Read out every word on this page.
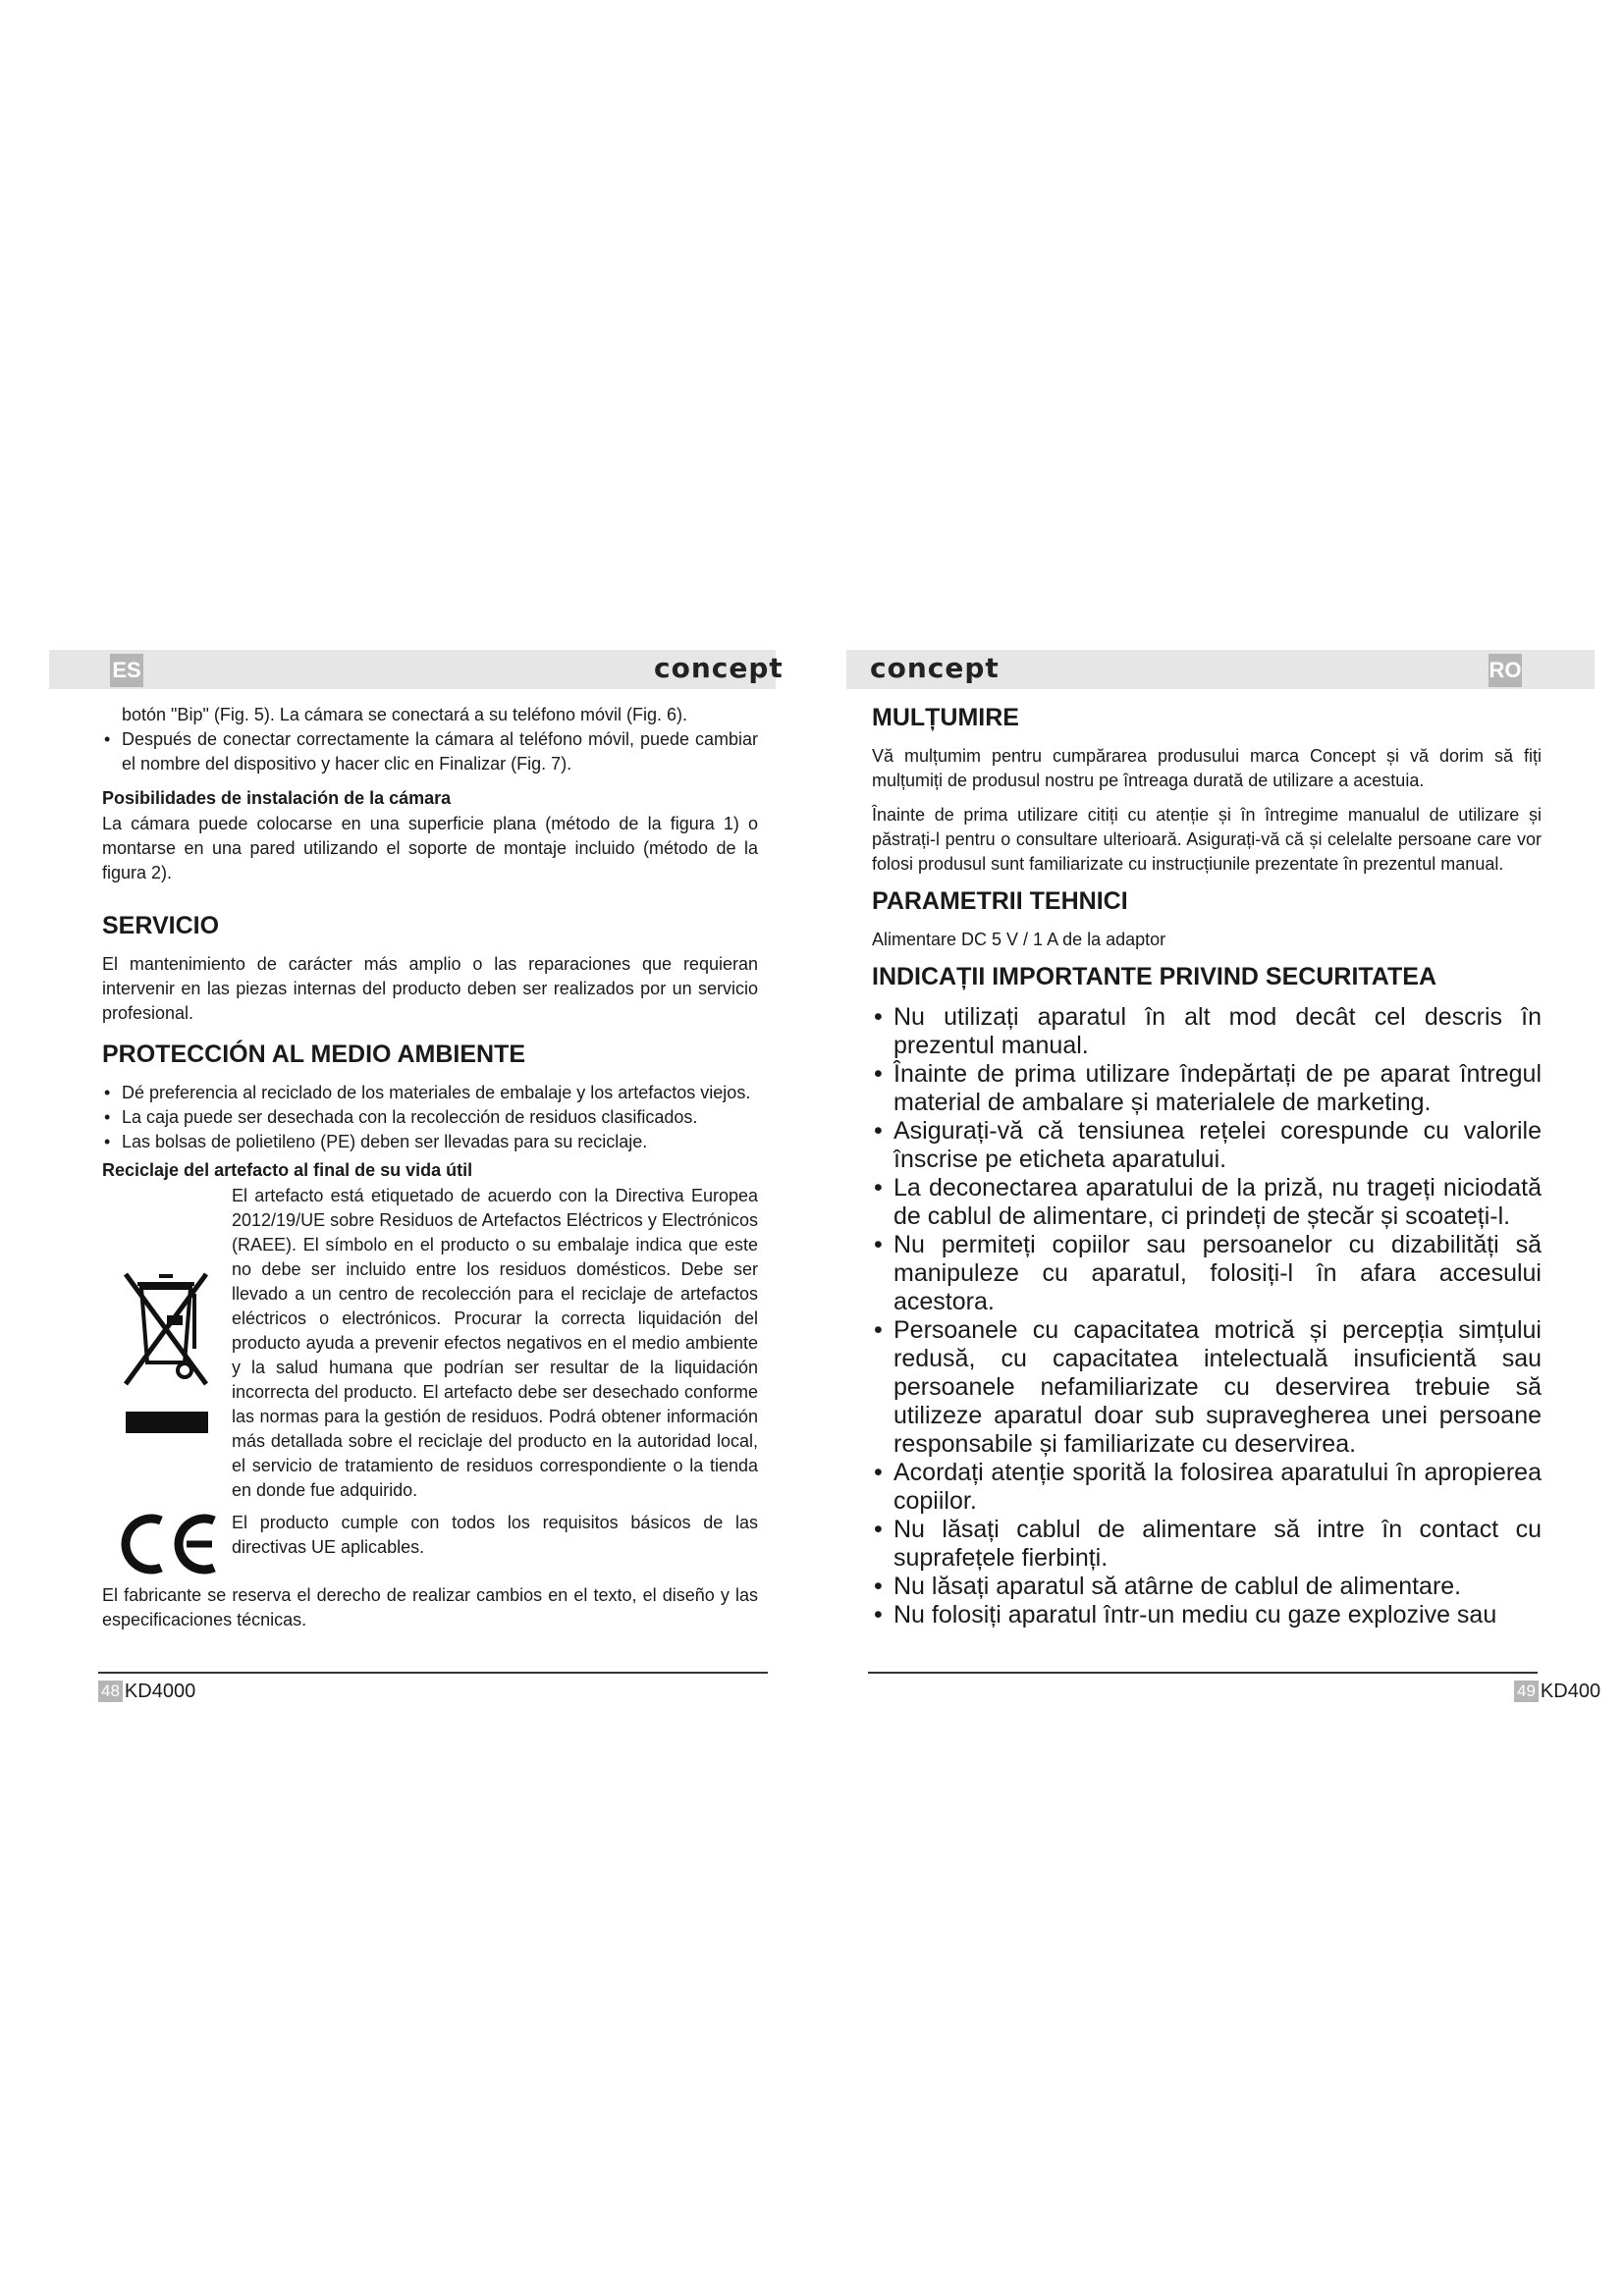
ES	RO
concept	concept

botón "Bip" (Fig. 5). La cámara se conectará a su teléfono móvil (Fig. 6).

• Después de conectar correctamente la cámara al teléfono móvil, puede cambiar el nombre del dispositivo y hacer clic en Finalizar (Fig. 7).
Posibilidades de instalación de la cámara

La cámara puede colocarse en una superficie plana (método de la figura 1) o montarse en una pared utilizando el soporte de montaje incluido (método de la figura 2).

SERVICIO

El mantenimiento de carácter más amplio o las reparaciones que requieran intervenir en las piezas internas del producto deben ser realizados por un servicio profesional.

PROTECCIÓN AL MEDIO AMBIENTE
• Dé preferencia al reciclado de los materiales de embalaje y los artefactos viejos.
• La caja puede ser desechada con la recolección de residuos clasificados.
• Las bolsas de polietileno (PE) deben ser llevadas para su reciclaje.
Reciclaje del artefacto al final de su vida útil

El artefacto está etiquetado de acuerdo con la Directiva Europea 2012/19/UE sobre Residuos de Artefactos Eléctricos y Electrónicos (RAEE). El símbolo en el producto o su embalaje indica que este no debe ser incluido entre los residuos domésticos. Debe ser llevado a un centro de recolección para el reciclaje de artefactos eléctricos o electrónicos. Procurar la correcta liquidación del producto ayuda a prevenir efectos negativos en el medio ambiente y la salud humana que podrían ser resultar de la liquidación incorrecta del producto. El artefacto debe ser desechado conforme las normas para la gestión de residuos. Podrá obtener información más detallada sobre el reciclaje del producto en la autoridad local, el servicio de tratamiento de residuos correspondiente o la tienda en donde fue adquirido.

El producto cumple con todos los requisitos básicos de las directivas UE aplicables.

El fabricante se reserva el derecho de realizar cambios en el texto, el diseño y las especificaciones técnicas.

MULȚUMIRE

Vă mulțumim pentru cumpărarea produsului marca Concept și vă dorim să fiți mulțumiți de produsul nostru pe întreaga durată de utilizare a acestuia.

Înainte de prima utilizare citiți cu atenție și în întregime manualul de utilizare și păstrați-l pentru o consultare ulterioară. Asigurați-vă că și celelalte persoane care vor folosi produsul sunt familiarizate cu instrucțiunile prezentate în prezentul manual.

PARAMETRII TEHNICI

Alimentare DC 5 V / 1 A de la adaptor

INDICAȚII IMPORTANTE PRIVIND SECURITATEA
• Nu utilizați aparatul în alt mod decât cel descris în prezentul manual.
• Înainte de prima utilizare îndepărtați de pe aparat întregul material de ambalare și materialele de marketing.
• Asigurați-vă că tensiunea rețelei corespunde cu valorile înscrise pe eticheta aparatului.
• La deconectarea aparatului de la priză, nu trageți niciodată de cablul de alimentare, ci prindeți de ștecăr și scoateți-l.
• Nu permiteți copiilor sau persoanelor cu dizabilități să manipuleze cu aparatul, folosiți-l în afara accesului acestora.
• Persoanele cu capacitatea motrică și percepția simțului redusă, cu capacitatea intelectuală insuficientă sau persoanele nefamiliarizate cu deservirea trebuie să utilizeze aparatul doar sub supravegherea unei persoane responsabile și familiarizate cu deservirea.
• Acordați atenție sporită la folosirea aparatului în apropierea copiilor.
• Nu lăsați cablul de alimentare să intre în contact cu suprafețele fierbinți.
• Nu lăsați aparatul să atârne de cablul de alimentare.
• Nu folosiți aparatul într-un mediu cu gaze explozive sau
48 KD4000	49 KD400
